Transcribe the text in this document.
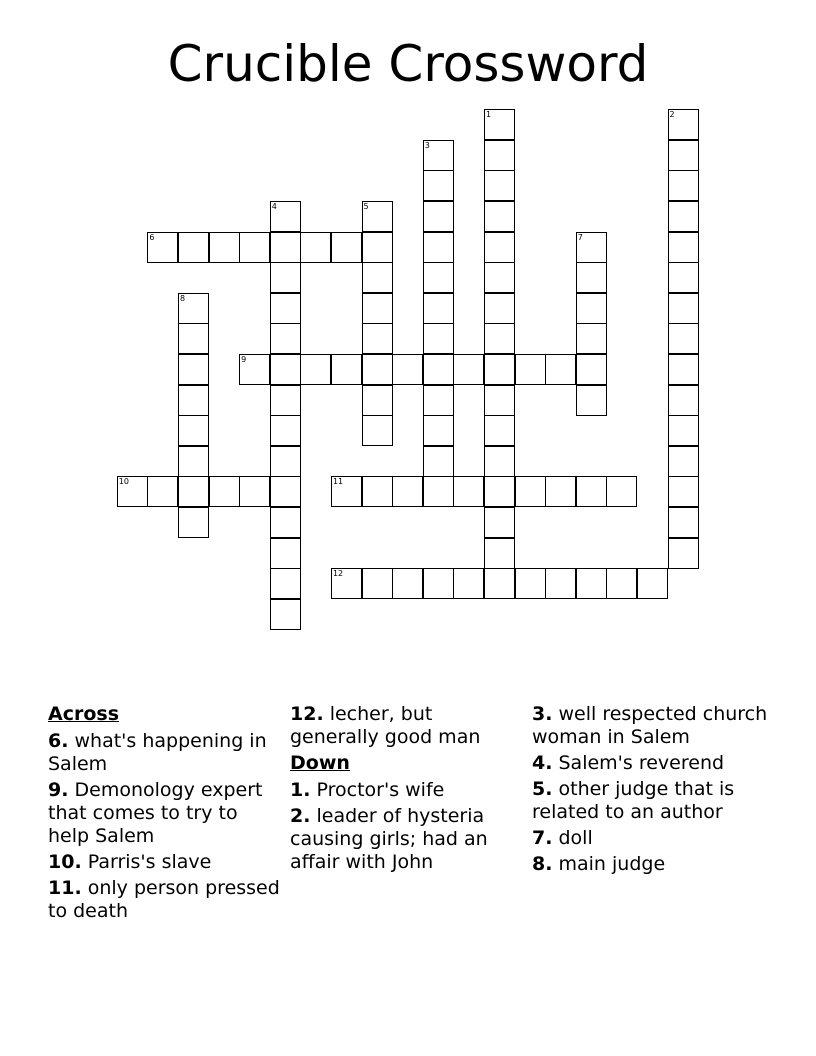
Crucible Crossword
1	2
3
4	5
6	7
8
9
10	11
12
Across
6. what's happening in Salem
9. Demonology expert that comes to try to help Salem
10. Parris's slave
11. only person pressed to death
12. lecher, but generally good man
Down
1. Proctor's wife
2. leader of hysteria causing girls; had an affair with John
3. well respected church woman in Salem
4. Salem's reverend
5. other judge that is related to an author
7. doll
8. main judge
